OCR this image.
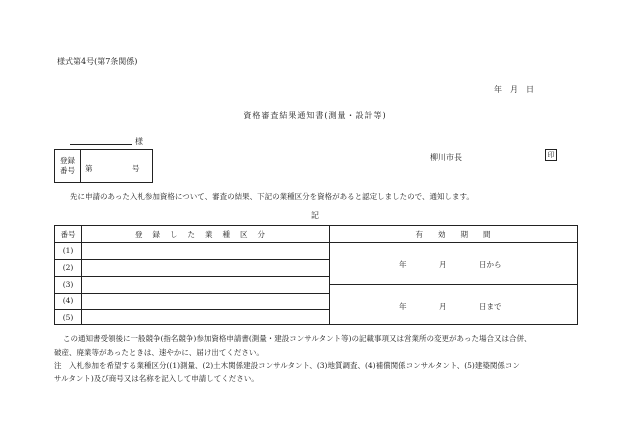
様式第4号(第7条関係)
年　月　日
資格審査結果通知書(測量・設計等)
様
登録番号 第	号
柳川市長	印
先に申請のあった入札参加資格について、審査の結果、下記の業種区分を資格があると認定しましたので、通知します。
記
番号	登録した業種区分	有　　効　　期　　間
(1)
(2)
(3)
(4)
(5)
年	月	日から
年	月	日まで
この通知書受領後に一般競争(指名競争)参加資格申請書(測量・建設コンサルタント等)の記載事項又は営業所の変更があった場合又は合併、
破産、廃業等があったときは、速やかに、届け出てください。
注　入札参加を希望する業種区分((1)測量、(2)土木関係建設コンサルタント、(3)地質調査、(4)補償関係コンサルタント、(5)建築関係コン
サルタント)及び商号又は名称を記入して申請してください。
